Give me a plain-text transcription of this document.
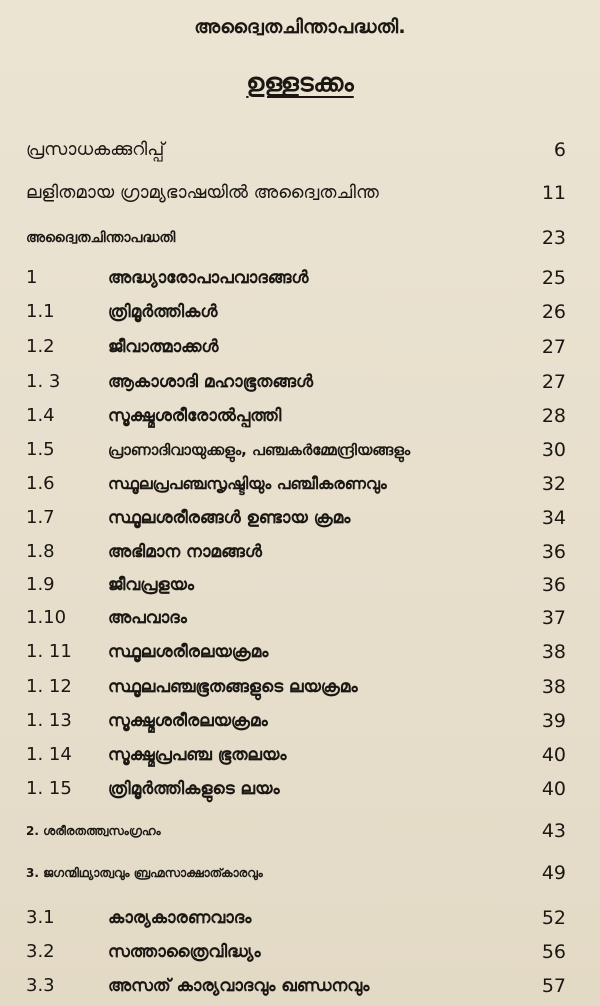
അദ്വൈതചിന്താപദ്ധതി.
ഉള്ളടക്കം
പ്രസാധകക്കുറിപ്പ്	6
ലളിതമായ ഗ്രാമ്യഭാഷയിൽ അദ്വൈതചിന്ത	11
അദ്വൈതചിന്താപദ്ധതി	23
1	അദ്ധ്യാരോപാപവാദങ്ങൾ	25
1.1	ത്രിമൂർത്തികൾ	26
1.2	ജീവാത്മാക്കൾ	27
1. 3	ആകാശാദി മഹാഭൂതങ്ങൾ	27
1.4	സൂക്ഷ്മശരീരോൽപ്പത്തി	28
1.5	പ്രാണാദിവായുക്കളും, പഞ്ചകർമ്മേന്ദ്രിയങ്ങളും	30
1.6	സ്ഥൂലപ്രപഞ്ചസൃഷ്ടിയും പഞ്ചീകരണവും	32
1.7	സ്ഥൂലശരീരങ്ങൾ ഉണ്ടായ ക്രമം	34
1.8	അഭിമാന നാമങ്ങൾ	36
1.9	ജീവപ്രളയം	36
1.10	അപവാദം	37
1. 11	സ്ഥൂലശരീരലയക്രമം	38
1. 12	സ്ഥൂലപഞ്ചഭൂതങ്ങളുടെ ലയക്രമം	38
1. 13	സൂക്ഷ്മശരീരലയക്രമം	39
1. 14	സൂക്ഷ്മപ്രപഞ്ച ഭൂതലയം	40
1. 15	ത്രിമൂർത്തികളുടെ ലയം	40
2. ശരീരതത്ത്വസംഗ്രഹം	43
3. ജഗന്മിഥ്യാത്വവും ബ്രഹ്മസാക്ഷാത്കാരവും	49
3.1	കാര്യകാരണവാദം	52
3.2	സത്താത്രൈവിദ്ധ്യം	56
3.3	അസത് കാര്യവാദവും ഖണ്ഡനവും	57
